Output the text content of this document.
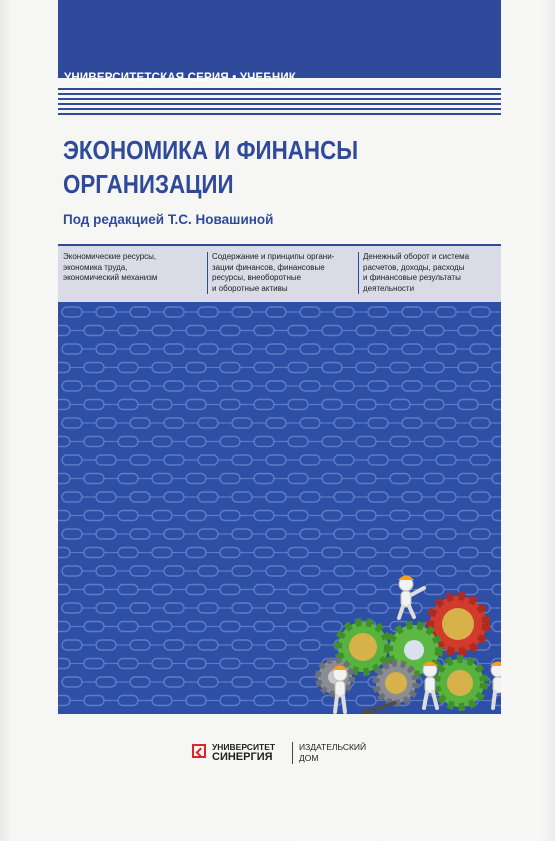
УНИВЕРСИТЕТСКАЯ СЕРИЯ • УЧЕБНИК
ЭКОНОМИКА И ФИНАНСЫ
ОРГАНИЗАЦИИ
Под редакцией Т.С. Новашиной
Экономические ресурсы,
экономика труда,
экономический механизм
Содержание и принципы органи-
зации финансов, финансовые
ресурсы, внеоборотные
и оборотные активы
Денежный оборот и система
расчетов, доходы, расходы
и финансовые результаты
деятельности
УНИВЕРСИТЕТ
СИНЕРГИЯ
ИЗДАТЕЛЬСКИЙ
ДОМ
